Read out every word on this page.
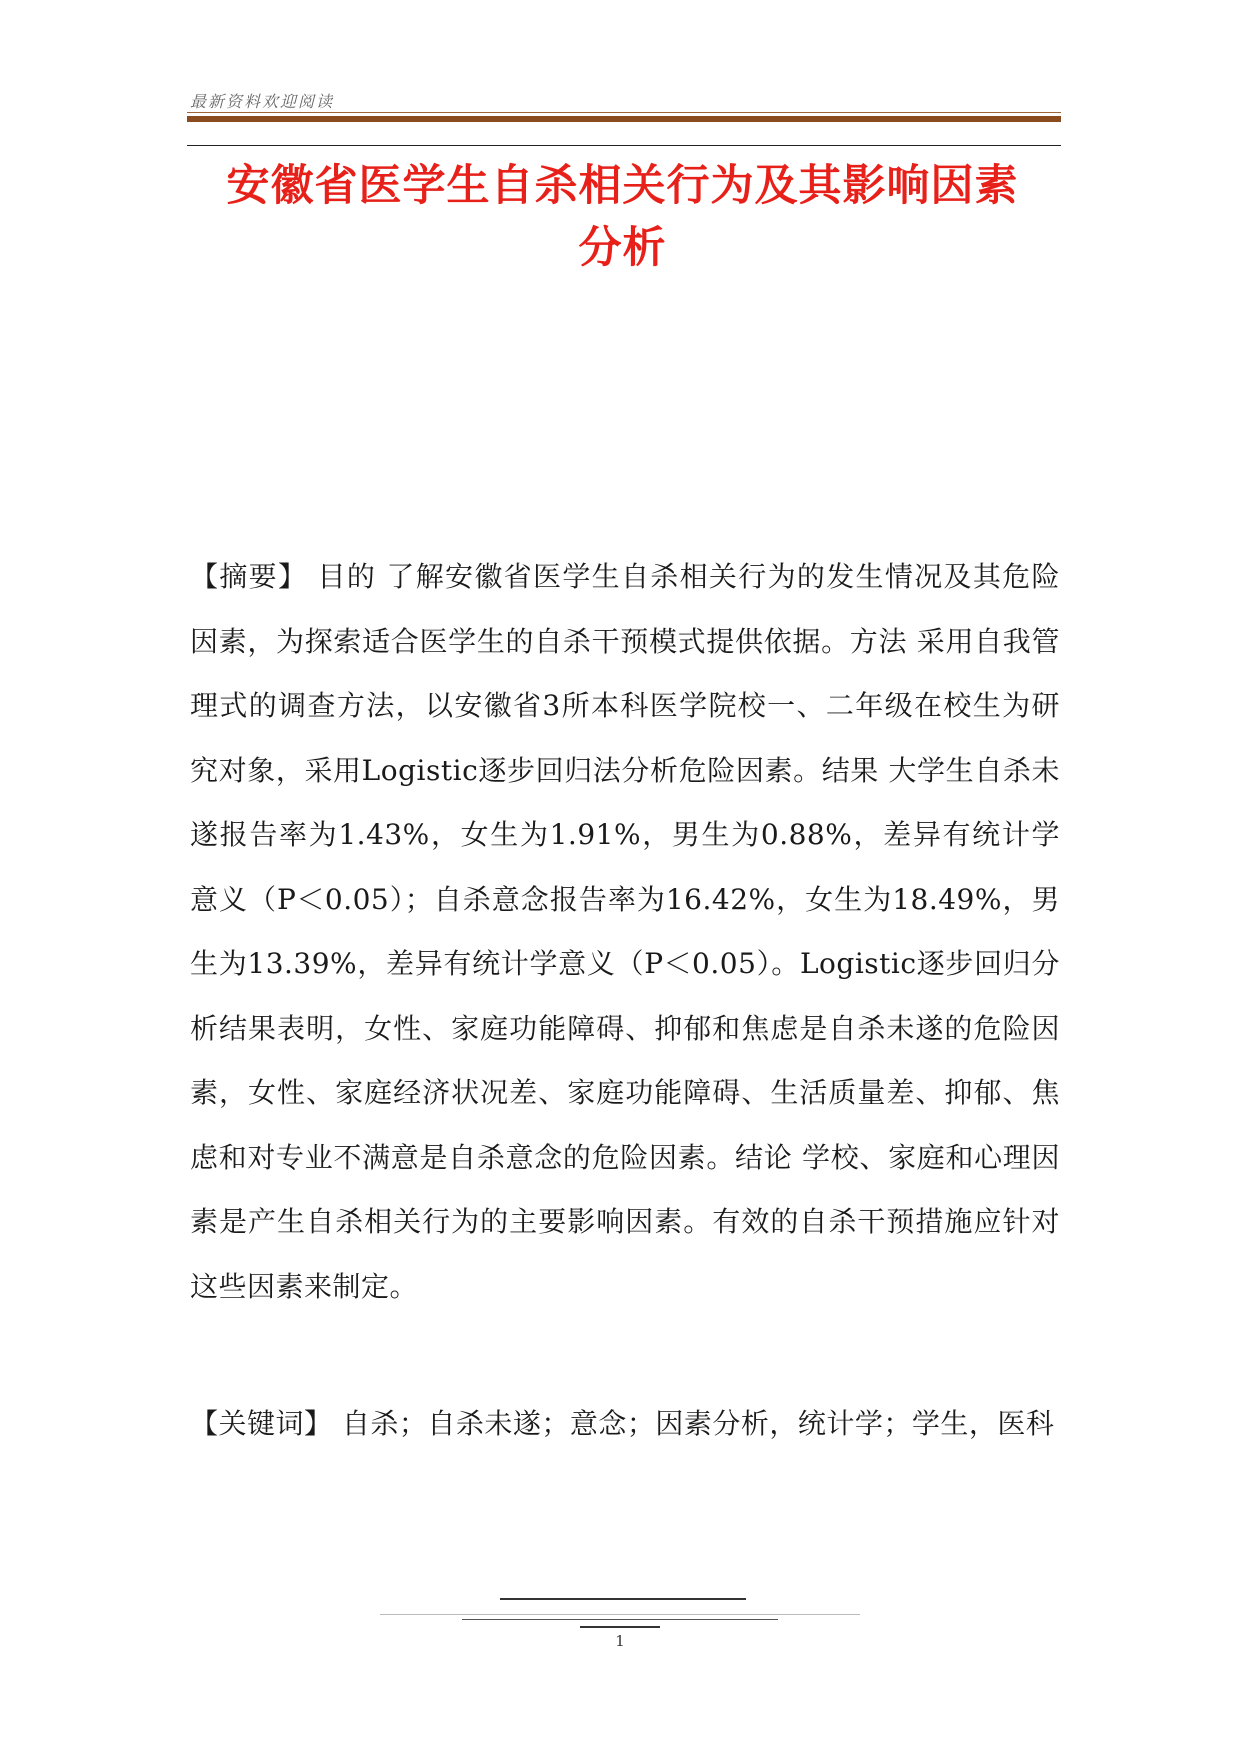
最新资料欢迎阅读
安徽省医学生自杀相关行为及其影响因素
分析
【摘要】 目的 了解安徽省医学生自杀相关行为的发生情况及其危险因素，为探索适合医学生的自杀干预模式提供依据。方法 采用自我管理式的调查方法，以安徽省3所本科医学院校一、二年级在校生为研究对象，采用Logistic逐步回归法分析危险因素。结果 大学生自杀未遂报告率为1.43%，女生为1.91%，男生为0.88%，差异有统计学意义（P＜0.05）；自杀意念报告率为16.42%，女生为18.49%，男生为13.39%，差异有统计学意义（P＜0.05）。Logistic逐步回归分析结果表明，女性、家庭功能障碍、抑郁和焦虑是自杀未遂的危险因素，女性、家庭经济状况差、家庭功能障碍、生活质量差、抑郁、焦虑和对专业不满意是自杀意念的危险因素。结论 学校、家庭和心理因素是产生自杀相关行为的主要影响因素。有效的自杀干预措施应针对这些因素来制定。
【关键词】 自杀；自杀未遂；意念；因素分析，统计学；学生，医科
1
